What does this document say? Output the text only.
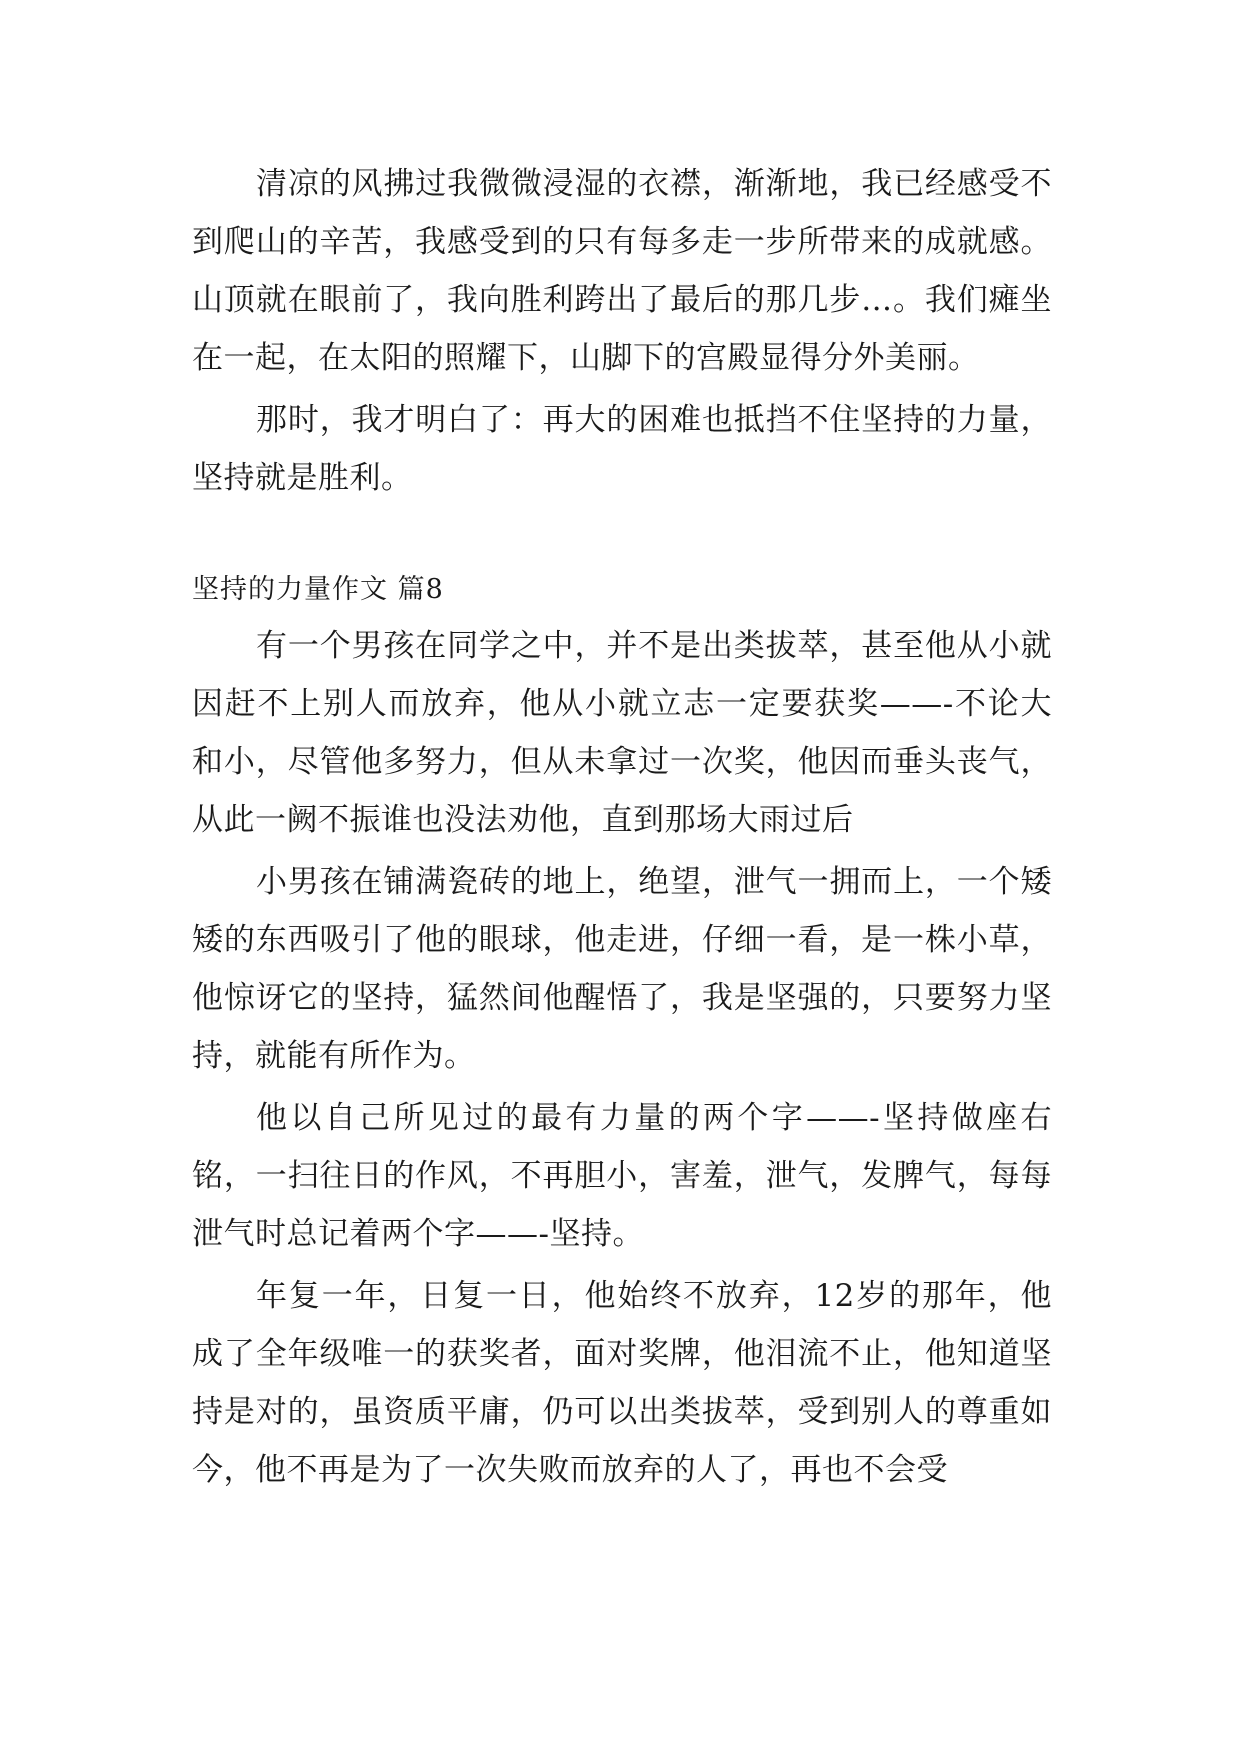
清凉的风拂过我微微浸湿的衣襟，渐渐地，我已经感受不到爬山的辛苦，我感受到的只有每多走一步所带来的成就感。山顶就在眼前了，我向胜利跨出了最后的那几步…。我们瘫坐在一起，在太阳的照耀下，山脚下的宫殿显得分外美丽。

那时，我才明白了：再大的困难也抵挡不住坚持的力量，坚持就是胜利。

坚持的力量作文 篇8

有一个男孩在同学之中，并不是出类拔萃，甚至他从小就因赶不上别人而放弃，他从小就立志一定要获奖——-不论大和小，尽管他多努力，但从未拿过一次奖，他因而垂头丧气，从此一阙不振谁也没法劝他，直到那场大雨过后

小男孩在铺满瓷砖的地上，绝望，泄气一拥而上，一个矮矮的东西吸引了他的眼球，他走进，仔细一看，是一株小草，他惊讶它的坚持，猛然间他醒悟了，我是坚强的，只要努力坚持，就能有所作为。

他以自己所见过的最有力量的两个字——-坚持做座右铭，一扫往日的作风，不再胆小，害羞，泄气，发脾气，每每泄气时总记着两个字——-坚持。

年复一年，日复一日，他始终不放弃，12岁的那年，他成了全年级唯一的获奖者，面对奖牌，他泪流不止，他知道坚持是对的，虽资质平庸，仍可以出类拔萃，受到别人的尊重如今，他不再是为了一次失败而放弃的人了，再也不会受
